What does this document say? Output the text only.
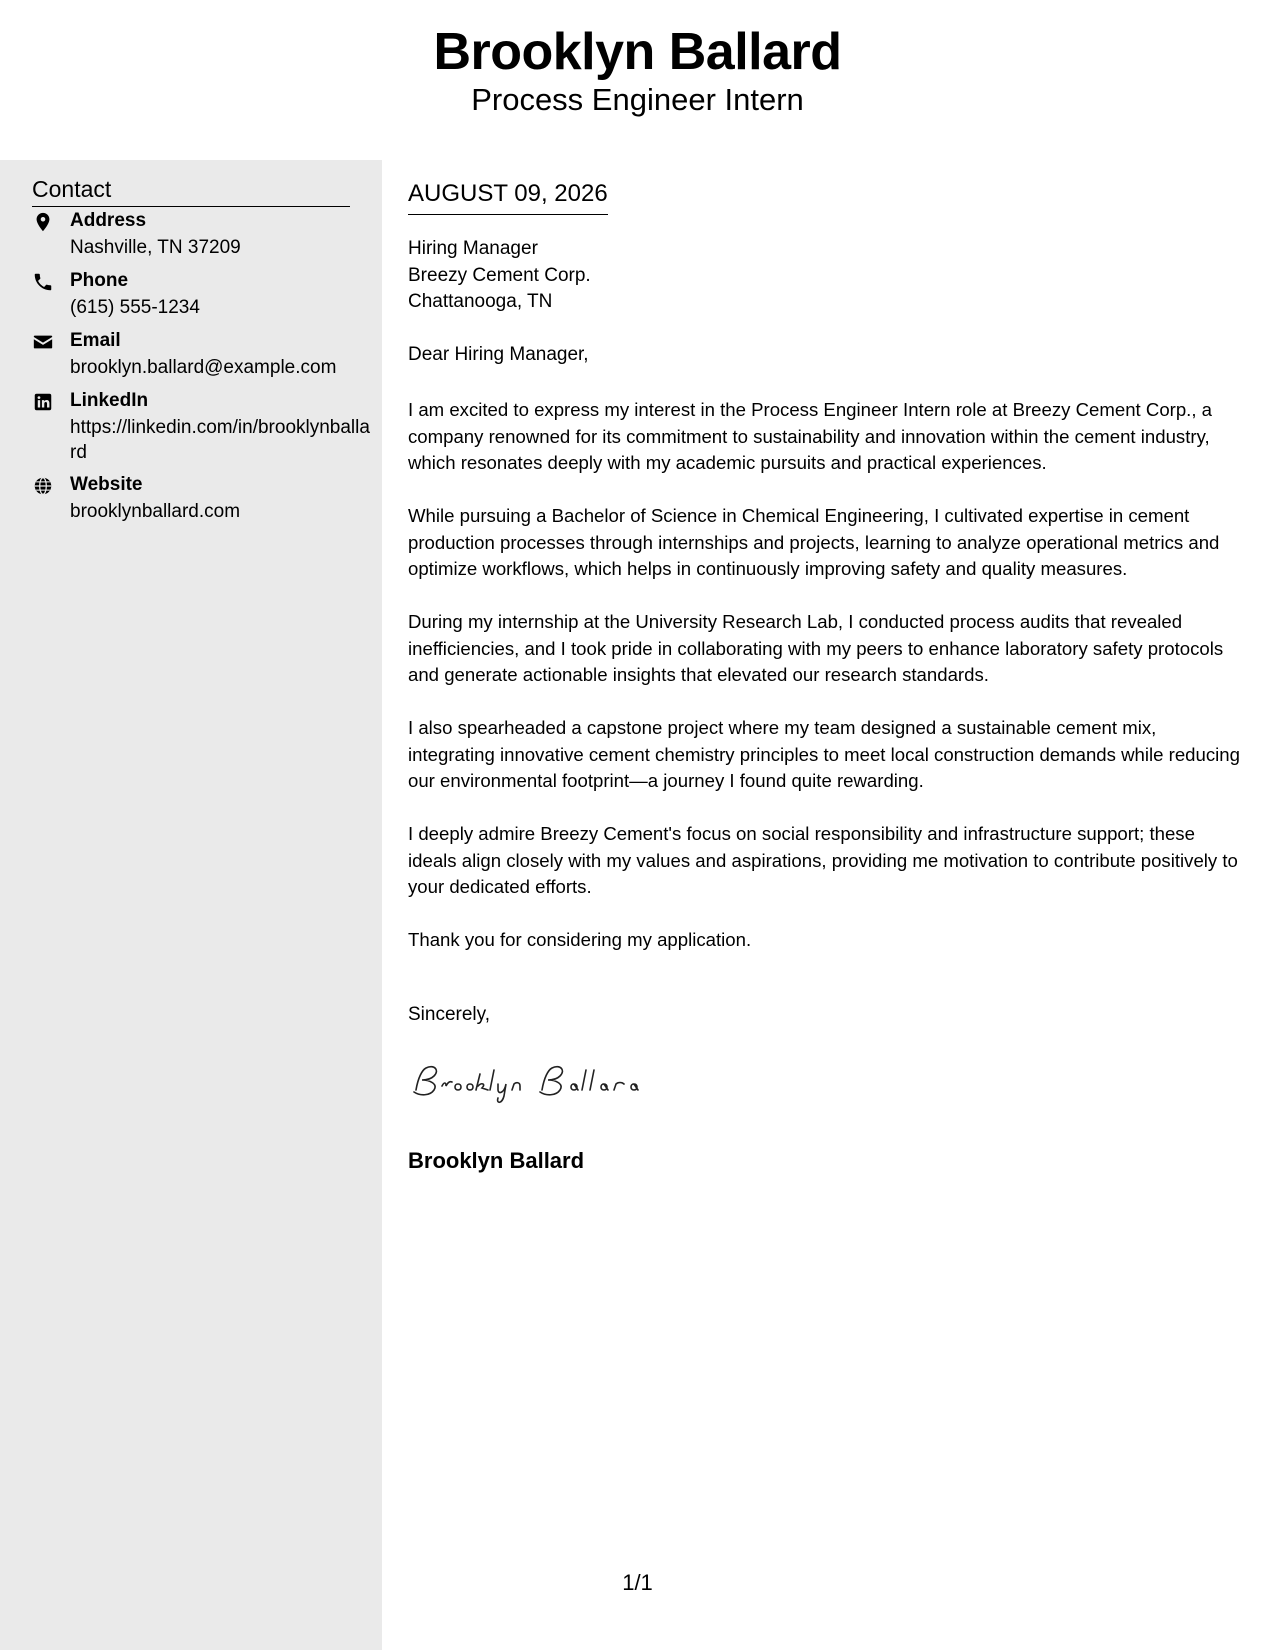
Brooklyn Ballard
Process Engineer Intern
Contact
Address
Nashville, TN 37209
Phone
(615) 555-1234
Email
brooklyn.ballard@example.com
LinkedIn
https://linkedin.com/in/brooklynballard
Website
brooklynballard.com
AUGUST 09, 2026
Hiring Manager
Breezy Cement Corp.
Chattanooga, TN
Dear Hiring Manager,
I am excited to express my interest in the Process Engineer Intern role at Breezy Cement Corp., a company renowned for its commitment to sustainability and innovation within the cement industry, which resonates deeply with my academic pursuits and practical experiences.
While pursuing a Bachelor of Science in Chemical Engineering, I cultivated expertise in cement production processes through internships and projects, learning to analyze operational metrics and optimize workflows, which helps in continuously improving safety and quality measures.
During my internship at the University Research Lab, I conducted process audits that revealed inefficiencies, and I took pride in collaborating with my peers to enhance laboratory safety protocols and generate actionable insights that elevated our research standards.
I also spearheaded a capstone project where my team designed a sustainable cement mix, integrating innovative cement chemistry principles to meet local construction demands while reducing our environmental footprint—a journey I found quite rewarding.
I deeply admire Breezy Cement's focus on social responsibility and infrastructure support; these ideals align closely with my values and aspirations, providing me motivation to contribute positively to your dedicated efforts.
Thank you for considering my application.
Sincerely,
Brooklyn Ballard
1/1
